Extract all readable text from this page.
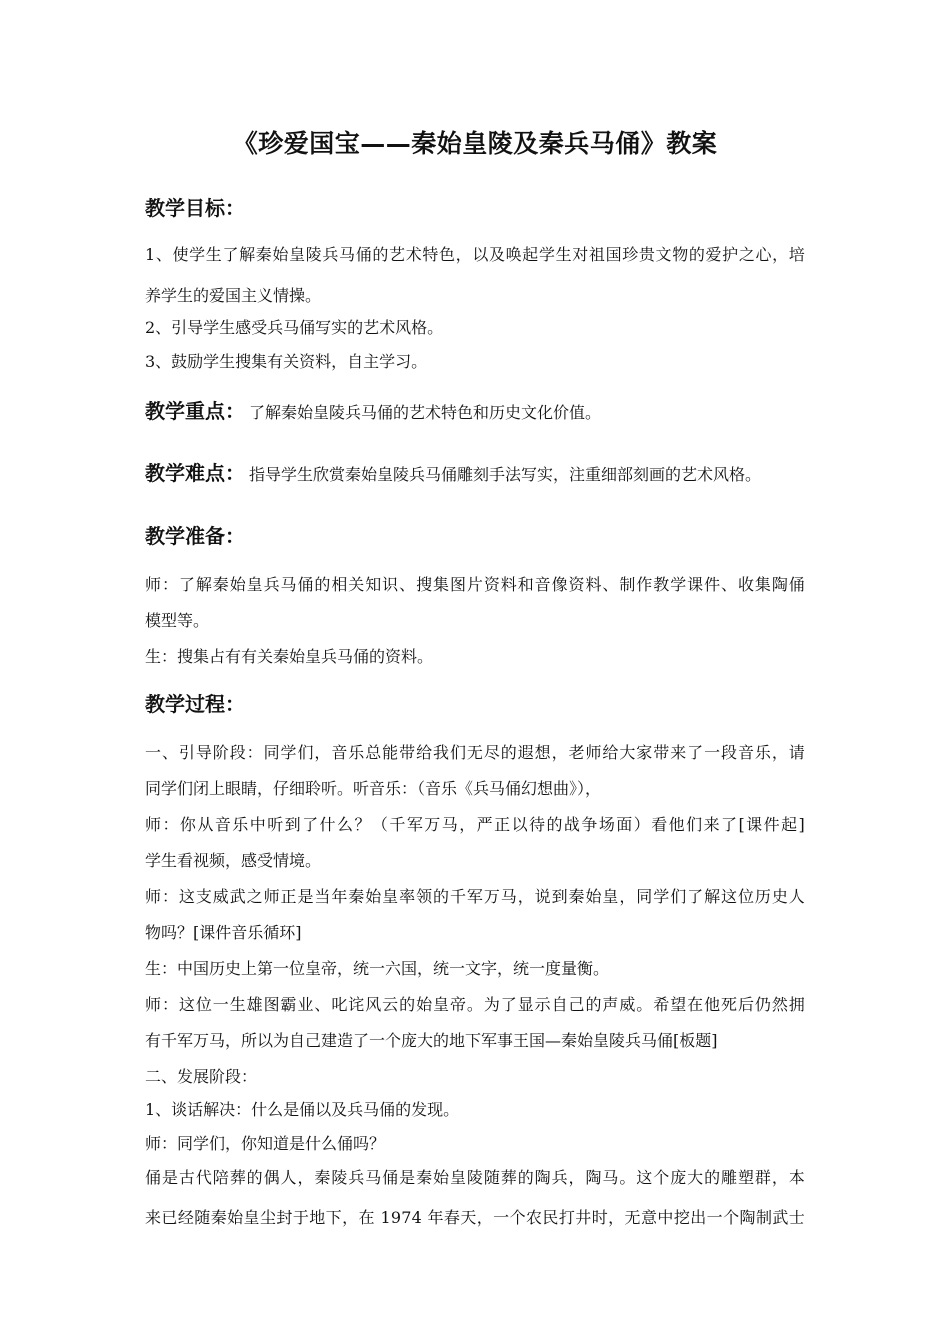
《珍爱国宝——秦始皇陵及秦兵马俑》教案
教学目标：
1、使学生了解秦始皇陵兵马俑的艺术特色，以及唤起学生对祖国珍贵文物的爱护之心，培
养学生的爱国主义情操。
2、引导学生感受兵马俑写实的艺术风格。
3、鼓励学生搜集有关资料，自主学习。
教学重点： 了解秦始皇陵兵马俑的艺术特色和历史文化价值。
教学难点： 指导学生欣赏秦始皇陵兵马俑雕刻手法写实，注重细部刻画的艺术风格。
教学准备：
师：了解秦始皇兵马俑的相关知识、搜集图片资料和音像资料、制作教学课件、收集陶俑
模型等。
生：搜集占有有关秦始皇兵马俑的资料。
教学过程：
一、引导阶段：同学们，音乐总能带给我们无尽的遐想，老师给大家带来了一段音乐，请
同学们闭上眼睛，仔细聆听。听音乐：（音乐《兵马俑幻想曲》），
师：你从音乐中听到了什么？（千军万马，严正以待的战争场面）看他们来了[课件起]
学生看视频，感受情境。
师：这支威武之师正是当年秦始皇率领的千军万马，说到秦始皇，同学们了解这位历史人
物吗？[课件音乐循环]
生：中国历史上第一位皇帝，统一六国，统一文字，统一度量衡。
师：这位一生雄图霸业、叱诧风云的始皇帝。为了显示自己的声威。希望在他死后仍然拥
有千军万马，所以为自己建造了一个庞大的地下军事王国—秦始皇陵兵马俑[板题]
二、发展阶段：
1、谈话解决：什么是俑以及兵马俑的发现。
师：同学们，你知道是什么俑吗？
俑是古代陪葬的偶人，秦陵兵马俑是秦始皇陵随葬的陶兵，陶马。这个庞大的雕塑群，本
来已经随秦始皇尘封于地下，在 1974 年春天，一个农民打井时，无意中挖出一个陶制武士
